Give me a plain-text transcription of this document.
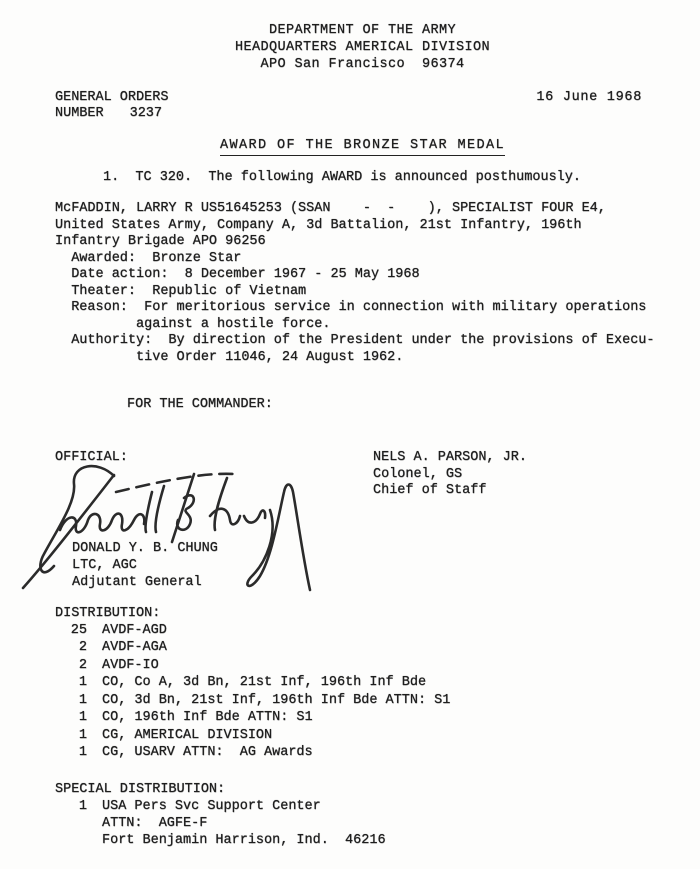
DEPARTMENT OF THE ARMY
HEADQUARTERS AMERICAL DIVISION
APO San Francisco  96374
GENERAL ORDERS
NUMBER 3237
16 June 1968
AWARD OF THE BRONZE STAR MEDAL
1.  TC 320.  The following AWARD is announced posthumously.
McFADDIN, LARRY R US51645253 (SSAN    -  -    ), SPECIALIST FOUR E4,
United States Army, Company A, 3d Battalion, 21st Infantry, 196th
Infantry Brigade APO 96256
Awarded:  Bronze Star
Date action:  8 December 1967 - 25 May 1968
Theater:  Republic of Vietnam
Reason:  For meritorious service in connection with military operations
against a hostile force.
Authority:  By direction of the President under the provisions of Execu-
tive Order 11046, 24 August 1962.
FOR THE COMMANDER:
OFFICIAL:	NELS A. PARSON, JR.
Colonel, GS
Chief of Staff
DONALD Y. B. CHUNG
LTC, AGC
Adjutant General
DISTRIBUTION:
25 AVDF-AGD
2 AVDF-AGA
2 AVDF-IO
1 CO, Co A, 3d Bn, 21st Inf, 196th Inf Bde
1 CO, 3d Bn, 21st Inf, 196th Inf Bde ATTN: S1
1 CO, 196th Inf Bde ATTN: S1
1 CG, AMERICAL DIVISION
1 CG, USARV ATTN:  AG Awards
SPECIAL DISTRIBUTION:
1 USA Pers Svc Support Center
ATTN:  AGFE-F
Fort Benjamin Harrison, Ind.  46216
